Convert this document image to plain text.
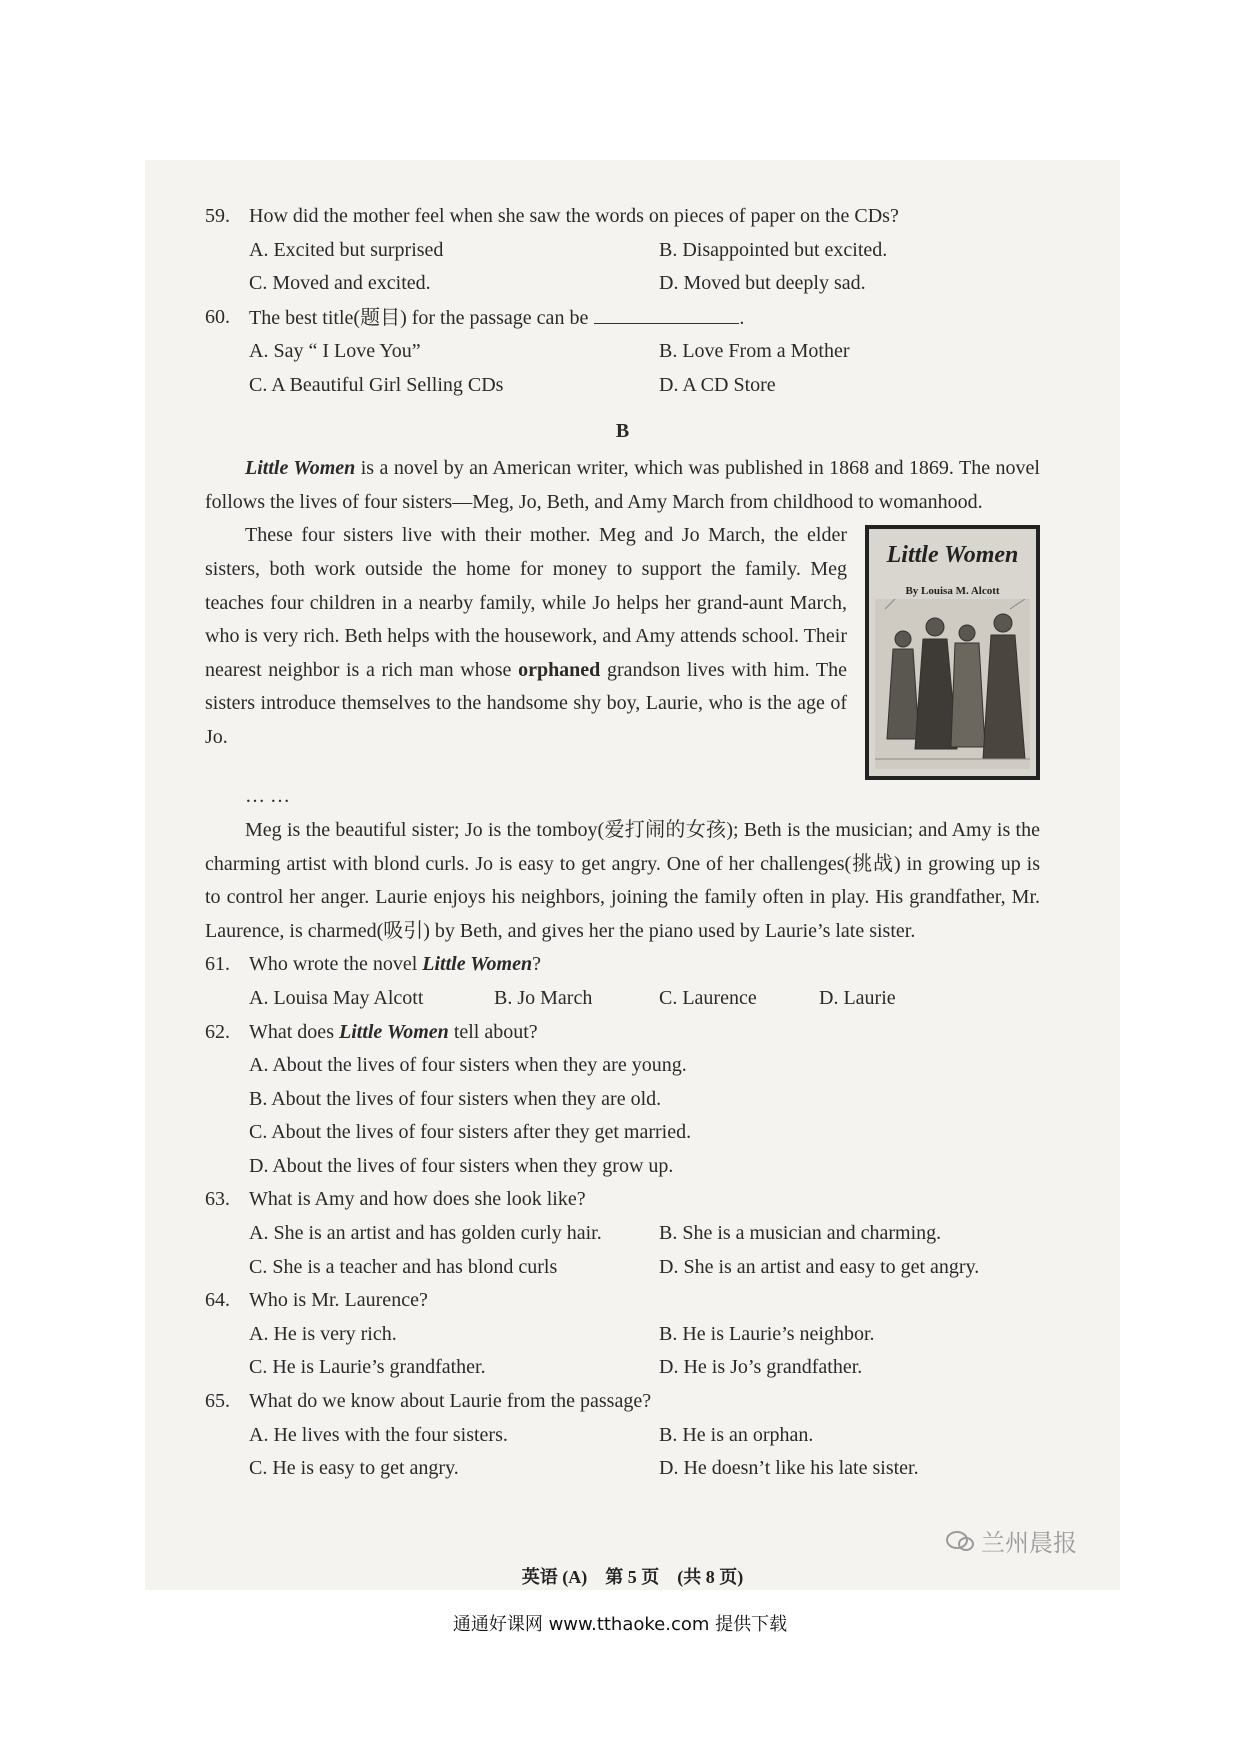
59. How did the mother feel when she saw the words on pieces of paper on the CDs?
A. Excited but surprised	B. Disappointed but excited.
C. Moved and excited.	D. Moved but deeply sad.
60. The best title(题目) for the passage can be	.
A. Say “ I Love You”	B. Love From a Mother
C. A Beautiful Girl Selling CDs	D. A CD Store
B
Little Women is a novel by an American writer, which was published in 1868 and 1869. The novel follows the lives of four sisters—Meg, Jo, Beth, and Amy March from childhood to womanhood.
These four sisters live with their mother. Meg and Jo March, the elder sisters, both work outside the home for money to support the family. Meg teaches four children in a nearby family, while Jo helps her grand-aunt March, who is very rich. Beth helps with the housework, and Amy attends school. Their nearest neighbor is a rich man whose orphaned grandson lives with him. The sisters introduce themselves to the handsome shy boy, Laurie, who is the age of Jo.
Little Women
By Louisa M. Alcott
… …
Meg is the beautiful sister; Jo is the tomboy(爱打闹的女孩); Beth is the musician; and Amy is the charming artist with blond curls. Jo is easy to get angry. One of her challenges(挑战) in growing up is to control her anger. Laurie enjoys his neighbors, joining the family often in play. His grandfather, Mr. Laurence, is charmed(吸引) by Beth, and gives her the piano used by Laurie’s late sister.
61. Who wrote the novel Little Women?
A. Louisa May Alcott	B. Jo March	C. Laurence	D. Laurie
62. What does Little Women tell about?
A. About the lives of four sisters when they are young.
B. About the lives of four sisters when they are old.
C. About the lives of four sisters after they get married.
D. About the lives of four sisters when they grow up.
63. What is Amy and how does she look like?
A. She is an artist and has golden curly hair.	B. She is a musician and charming.
C. She is a teacher and has blond curls	D. She is an artist and easy to get angry.
64. Who is Mr. Laurence?
A. He is very rich.	B. He is Laurie’s neighbor.
C. He is Laurie’s grandfather.	D. He is Jo’s grandfather.
65. What do we know about Laurie from the passage?
A. He lives with the four sisters.	B. He is an orphan.
C. He is easy to get angry.	D. He doesn’t like his late sister.
兰州晨报
英语 (A)　第 5 页　(共 8 页)
通通好课网 www.tthaoke.com 提供下载
